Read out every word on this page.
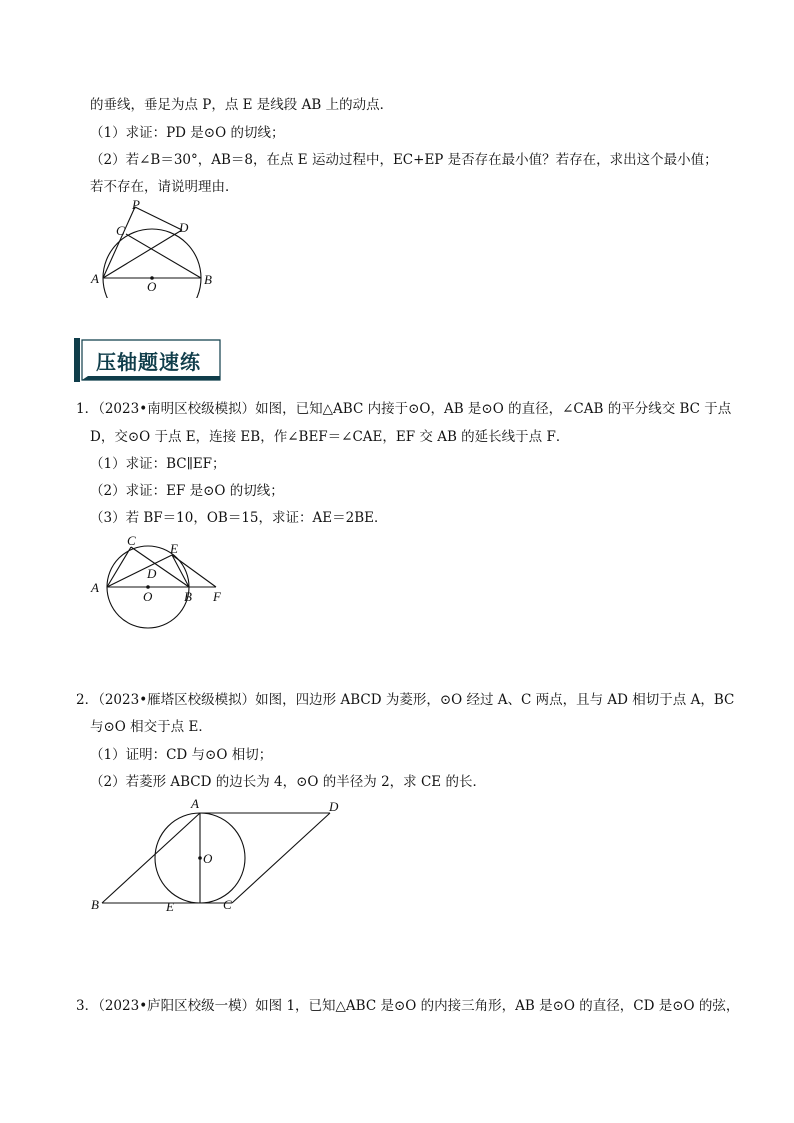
的垂线，垂足为点 P，点 E 是线段 AB 上的动点．
（1）求证：PD 是⊙O 的切线；
（2）若∠B＝30°，AB＝8，在点 E 运动过程中，EC+EP 是否存在最小值？若存在，求出这个最小值；
若不存在，请说明理由．
P
C	D
A
O	B
压轴题速练
1．（2023•南明区校级模拟）如图，已知△ABC 内接于⊙O，AB 是⊙O 的直径，∠CAB 的平分线交 BC 于点
D，交⊙O 于点 E，连接 EB，作∠BEF＝∠CAE，EF 交 AB 的延长线于点 F．
（1）求证：BC∥EF；
（2）求证：EF 是⊙O 的切线；
（3）若 BF＝10，OB＝15，求证：AE＝2BE．
C
E
D
A
O B F
2．（2023•雁塔区校级模拟）如图，四边形 ABCD 为菱形，⊙O 经过 A、C 两点，且与 AD 相切于点 A，BC
与⊙O 相交于点 E．
（1）证明：CD 与⊙O 相切；
（2）若菱形 ABCD 的边长为 4，⊙O 的半径为 2，求 CE 的长．
A	D
O
B	E	C
3．（2023•庐阳区校级一模）如图 1，已知△ABC 是⊙O 的内接三角形，AB 是⊙O 的直径，CD 是⊙O 的弦，
